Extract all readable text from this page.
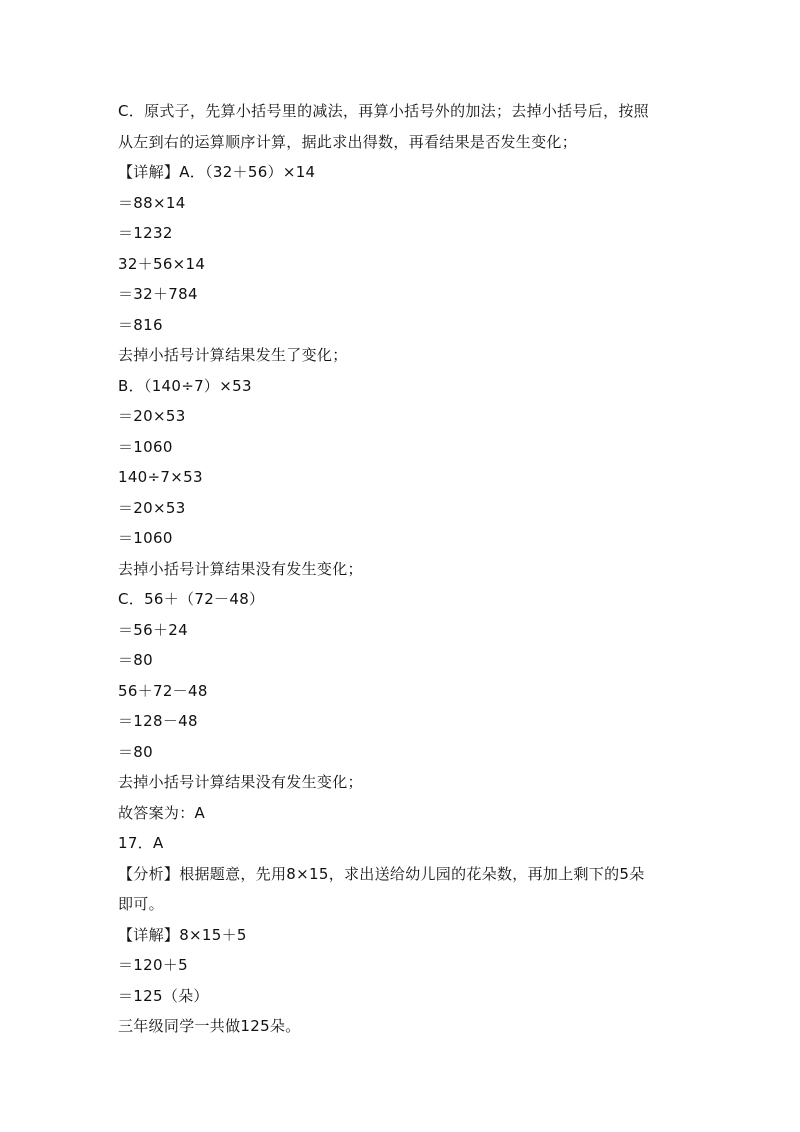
C．原式子，先算小括号里的减法，再算小括号外的加法；去掉小括号后，按照
从左到右的运算顺序计算，据此求出得数，再看结果是否发生变化；
【详解】A．（32＋56）×14
＝88×14
＝1232
32＋56×14
＝32＋784
＝816
去掉小括号计算结果发生了变化；
B．（140÷7）×53
＝20×53
＝1060
140÷7×53
＝20×53
＝1060
去掉小括号计算结果没有发生变化；
C．56＋（72－48）
＝56＋24
＝80
56＋72－48
＝128－48
＝80
去掉小括号计算结果没有发生变化；
故答案为：A
17．A
【分析】根据题意，先用8×15，求出送给幼儿园的花朵数，再加上剩下的5朵
即可。
【详解】8×15＋5
＝120＋5
＝125（朵）
三年级同学一共做125朵。
